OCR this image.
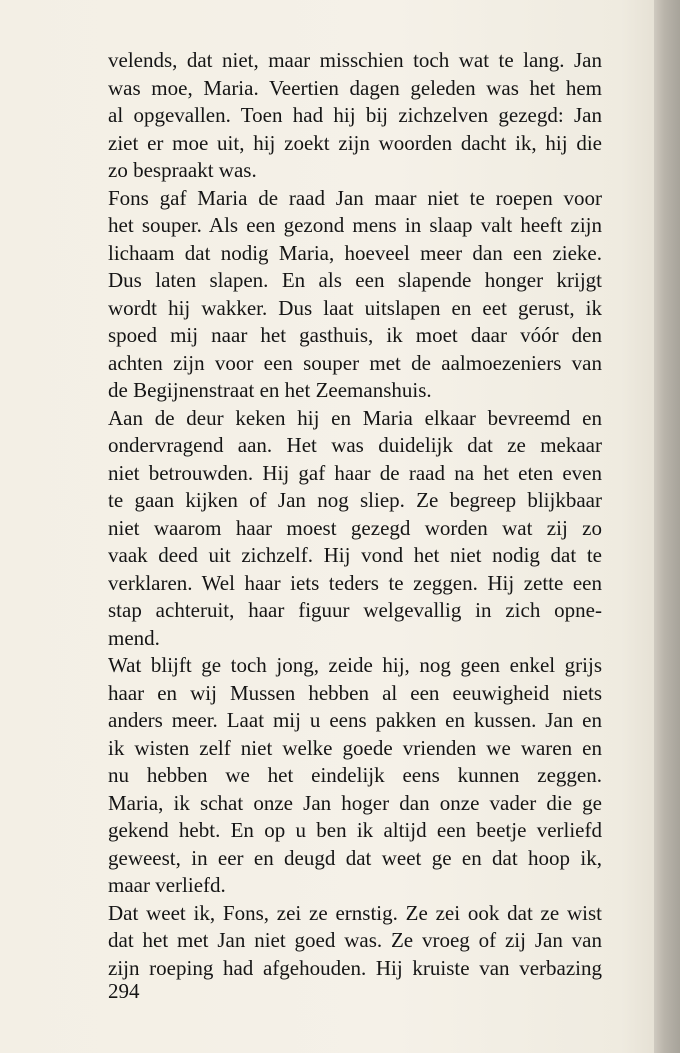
velends, dat niet, maar misschien toch wat te lang. Jan
was moe, Maria. Veertien dagen geleden was het hem
al opgevallen. Toen had hij bij zichzelven gezegd: Jan
ziet er moe uit, hij zoekt zijn woorden dacht ik, hij die
zo bespraakt was.
Fons gaf Maria de raad Jan maar niet te roepen voor
het souper. Als een gezond mens in slaap valt heeft zijn
lichaam dat nodig Maria, hoeveel meer dan een zieke.
Dus laten slapen. En als een slapende honger krijgt
wordt hij wakker. Dus laat uitslapen en eet gerust, ik
spoed mij naar het gasthuis, ik moet daar vóór den
achten zijn voor een souper met de aalmoezeniers van
de Begijnenstraat en het Zeemanshuis.
Aan de deur keken hij en Maria elkaar bevreemd en
ondervragend aan. Het was duidelijk dat ze mekaar
niet betrouwden. Hij gaf haar de raad na het eten even
te gaan kijken of Jan nog sliep. Ze begreep blijkbaar
niet waarom haar moest gezegd worden wat zij zo
vaak deed uit zichzelf. Hij vond het niet nodig dat te
verklaren. Wel haar iets teders te zeggen. Hij zette een
stap achteruit, haar figuur welgevallig in zich opne-
mend.
Wat blijft ge toch jong, zeide hij, nog geen enkel grijs
haar en wij Mussen hebben al een eeuwigheid niets
anders meer. Laat mij u eens pakken en kussen. Jan en
ik wisten zelf niet welke goede vrienden we waren en
nu hebben we het eindelijk eens kunnen zeggen.
Maria, ik schat onze Jan hoger dan onze vader die ge
gekend hebt. En op u ben ik altijd een beetje verliefd
geweest, in eer en deugd dat weet ge en dat hoop ik,
maar verliefd.
Dat weet ik, Fons, zei ze ernstig. Ze zei ook dat ze wist
dat het met Jan niet goed was. Ze vroeg of zij Jan van
zijn roeping had afgehouden. Hij kruiste van verbazing
294
